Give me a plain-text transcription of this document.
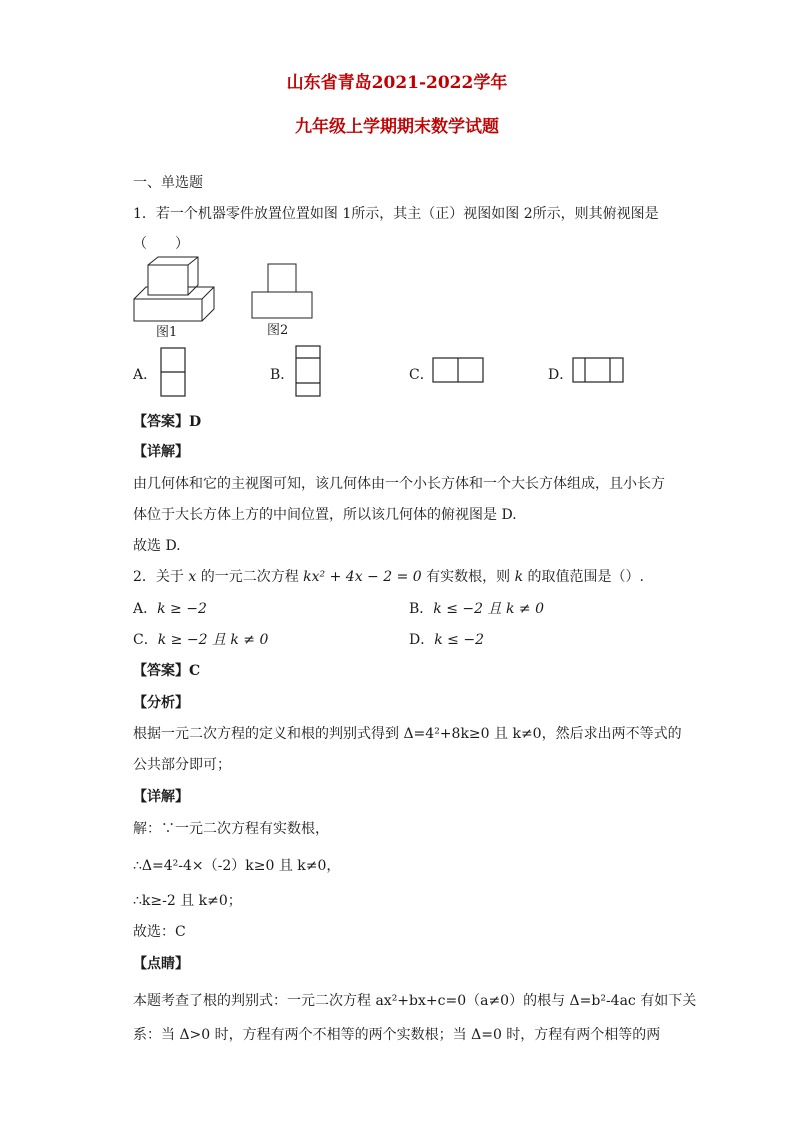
山东省青岛2021-2022学年
九年级上学期期末数学试题
一、单选题
1．若一个机器零件放置位置如图 1所示，其主（正）视图如图 2所示，则其俯视图是
（　　）
图1	图2
A．	B．	C．	D．
【答案】D
【详解】
由几何体和它的主视图可知，该几何体由一个小长方体和一个大长方体组成，且小长方
体位于大长方体上方的中间位置，所以该几何体的俯视图是 D.
故选 D.
2．关于 x 的一元二次方程 kx² + 4x − 2 = 0 有实数根，则 k 的取值范围是（）.
A．k ≥ −2	B．k ≤ −2 且 k ≠ 0
C．k ≥ −2 且 k ≠ 0	D．k ≤ −2
【答案】C
【分析】
根据一元二次方程的定义和根的判别式得到 Δ=4²+8k≥0 且 k≠0，然后求出两不等式的
公共部分即可；
【详解】
解：∵一元二次方程有实数根，
∴Δ=4²-4×（-2）k≥0 且 k≠0，
∴k≥-2 且 k≠0；
故选：C
【点睛】
本题考查了根的判别式：一元二次方程 ax²+bx+c=0（a≠0）的根与 Δ=b²-4ac 有如下关
系：当 Δ>0 时，方程有两个不相等的两个实数根；当 Δ=0 时，方程有两个相等的两
